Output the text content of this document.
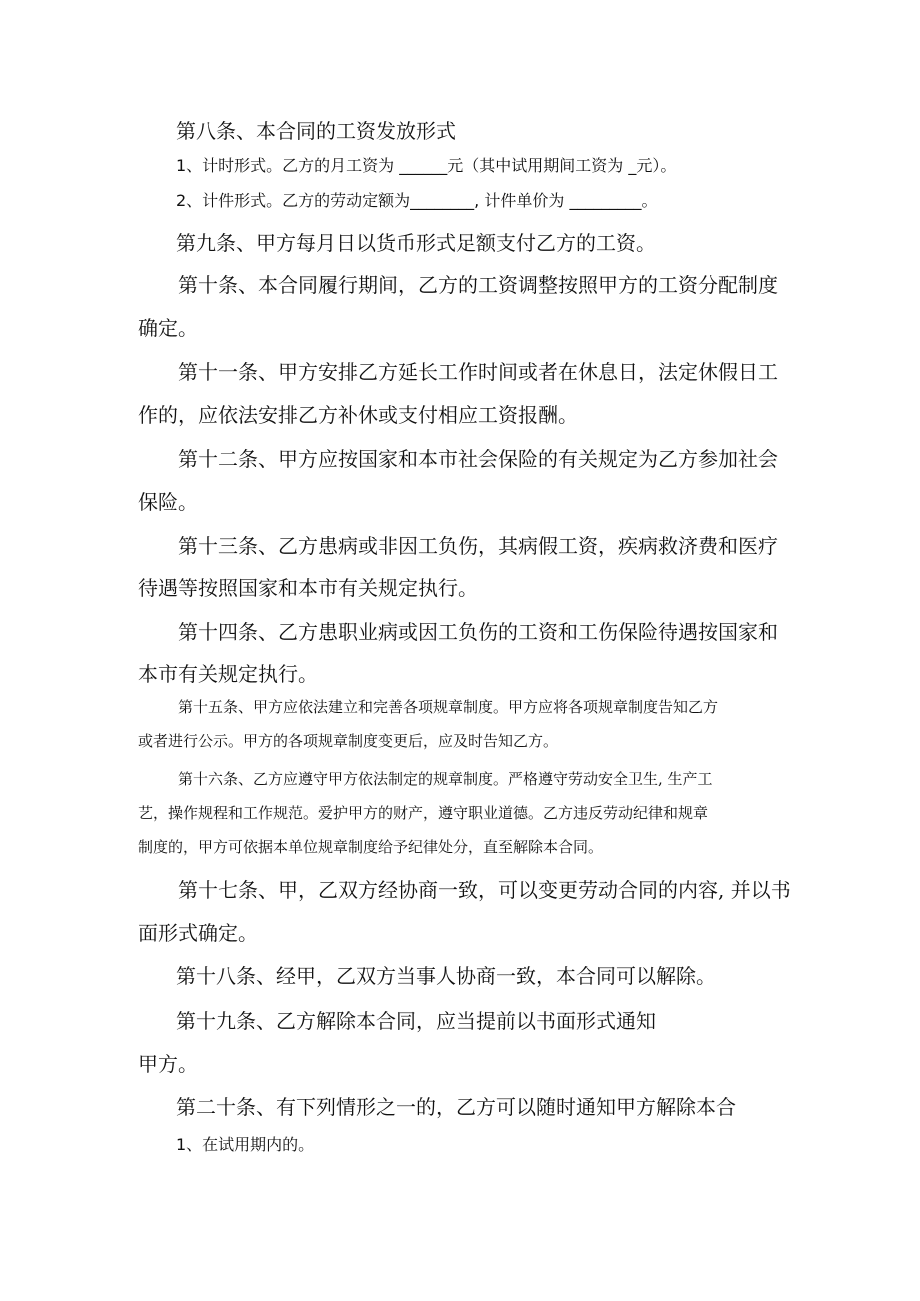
第八条、本合同的工资发放形式
1、计时形式。乙方的月工资为 ______元（其中试用期间工资为 _元）。
2、计件形式。乙方的劳动定额为________, 计件单价为 _________。
第九条、甲方每月日以货币形式足额支付乙方的工资。
第十条、本合同履行期间，乙方的工资调整按照甲方的工资分配制度
确定。
第十一条、甲方安排乙方延长工作时间或者在休息日，法定休假日工
作的，应依法安排乙方补休或支付相应工资报酬。
第十二条、甲方应按国家和本市社会保险的有关规定为乙方参加社会
保险。
第十三条、乙方患病或非因工负伤，其病假工资，疾病救济费和医疗
待遇等按照国家和本市有关规定执行。
第十四条、乙方患职业病或因工负伤的工资和工伤保险待遇按国家和
本市有关规定执行。
第十五条、甲方应依法建立和完善各项规章制度。甲方应将各项规章制度告知乙方
或者进行公示。甲方的各项规章制度变更后，应及时告知乙方。
第十六条、乙方应遵守甲方依法制定的规章制度。严格遵守劳动安全卫生, 生产工
艺，操作规程和工作规范。爱护甲方的财产，遵守职业道德。乙方违反劳动纪律和规章
制度的，甲方可依据本单位规章制度给予纪律处分，直至解除本合同。
第十七条、甲，乙双方经协商一致，可以变更劳动合同的内容, 并以书
面形式确定。
第十八条、经甲，乙双方当事人协商一致，本合同可以解除。
第十九条、乙方解除本合同，应当提前以书面形式通知
甲方。
第二十条、有下列情形之一的，乙方可以随时通知甲方解除本合
1、在试用期内的。
